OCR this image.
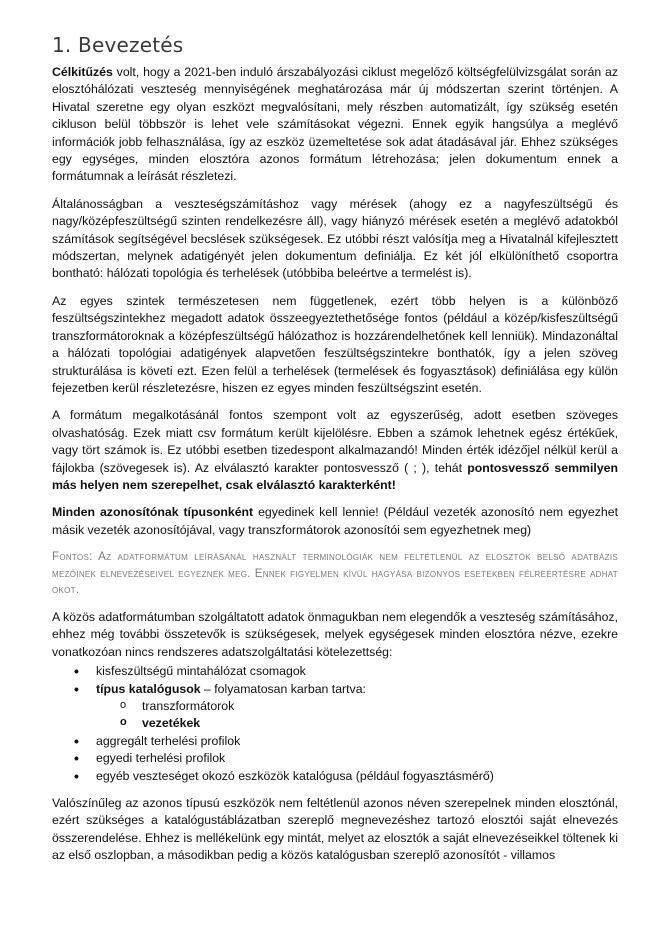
1. Bevezetés

Célkitűzés volt, hogy a 2021-ben induló árszabályozási ciklust megelőző költségfelülvizsgálat során az elosztóhálózati veszteség mennyiségének meghatározása már új módszertan szerint történjen. A Hivatal szeretne egy olyan eszközt megvalósítani, mely részben automatizált, így szükség esetén cikluson belül többször is lehet vele számításokat végezni. Ennek egyik hangsúlya a meglévő információk jobb felhasználása, így az eszköz üzemeltetése sok adat átadásával jár. Ehhez szükséges egy egységes, minden elosztóra azonos formátum létrehozása; jelen dokumentum ennek a formátumnak a leírását részletezi.

Általánosságban a veszteségszámításhoz vagy mérések (ahogy ez a nagyfeszültségű és nagy/középfeszültségű szinten rendelkezésre áll), vagy hiányzó mérések esetén a meglévő adatokból számítások segítségével becslések szükségesek. Ez utóbbi részt valósítja meg a Hivatalnál kifejlesztett módszertan, melynek adatigényét jelen dokumentum definiálja. Ez két jól elkülöníthető csoportra bontható: hálózati topológia és terhelések (utóbbiba beleértve a termelést is).

Az egyes szintek természetesen nem függetlenek, ezért több helyen is a különböző feszültségszintekhez megadott adatok összeegyeztethetősége fontos (például a közép/kisfeszültségű transzformátoroknak a középfeszültségű hálózathoz is hozzárendelhetőnek kell lenniük). Mindazonáltal a hálózati topológiai adatigények alapvetően feszültségszintekre bonthatók, így a jelen szöveg strukturálása is követi ezt. Ezen felül a terhelések (termelések és fogyasztások) definiálása egy külön fejezetben kerül részletezésre, hiszen ez egyes minden feszültségszint esetén.

A formátum megalkotásánál fontos szempont volt az egyszerűség, adott esetben szöveges olvashatóság. Ezek miatt csv formátum került kijelölésre. Ebben a számok lehetnek egész értékűek, vagy tört számok is. Ez utóbbi esetben tizedespont alkalmazandó! Minden érték idézőjel nélkül kerül a fájlokba (szövegesek is). Az elválasztó karakter pontosvessző ( ; ), tehát pontosvessző semmilyen más helyen nem szerepelhet, csak elválasztó karakterként!

Minden azonosítónak típusonként egyedinek kell lennie! (Például vezeték azonosító nem egyezhet másik vezeték azonosítójával, vagy transzformátorok azonosítói sem egyezhetnek meg)

Fontos: Az adatformátum leírásánál használt terminológiák nem feltétlenül az elosztók belső adatbázis mezőinek elnevezéseivel egyeznek meg. Ennek figyelmen kívül hagyása bizonyos esetekben félreértésre adhat okot.

A közös adatformátumban szolgáltatott adatok önmagukban nem elegendők a veszteség számításához, ehhez még további összetevők is szükségesek, melyek egységesek minden elosztóra nézve, ezekre vonatkozóan nincs rendszeres adatszolgáltatási kötelezettség:

• kisfeszültségű mintahálózat csomagok
• típus katalógusok – folyamatosan karban tartva:
o transzformátorok
o vezetékek
• aggregált terhelési profilok
• egyedi terhelési profilok
• egyéb veszteséget okozó eszközök katalógusa (például fogyasztásmérő)

Valószínűleg az azonos típusú eszközök nem feltétlenül azonos néven szerepelnek minden elosztónál, ezért szükséges a katalógustáblázatban szereplő megnevezéshez tartozó elosztói saját elnevezés összerendelése. Ehhez is mellékelünk egy mintát, melyet az elosztók a saját elnevezéseikkel töltenek ki az első oszlopban, a másodikban pedig a közös katalógusban szereplő azonosítót - villamos
